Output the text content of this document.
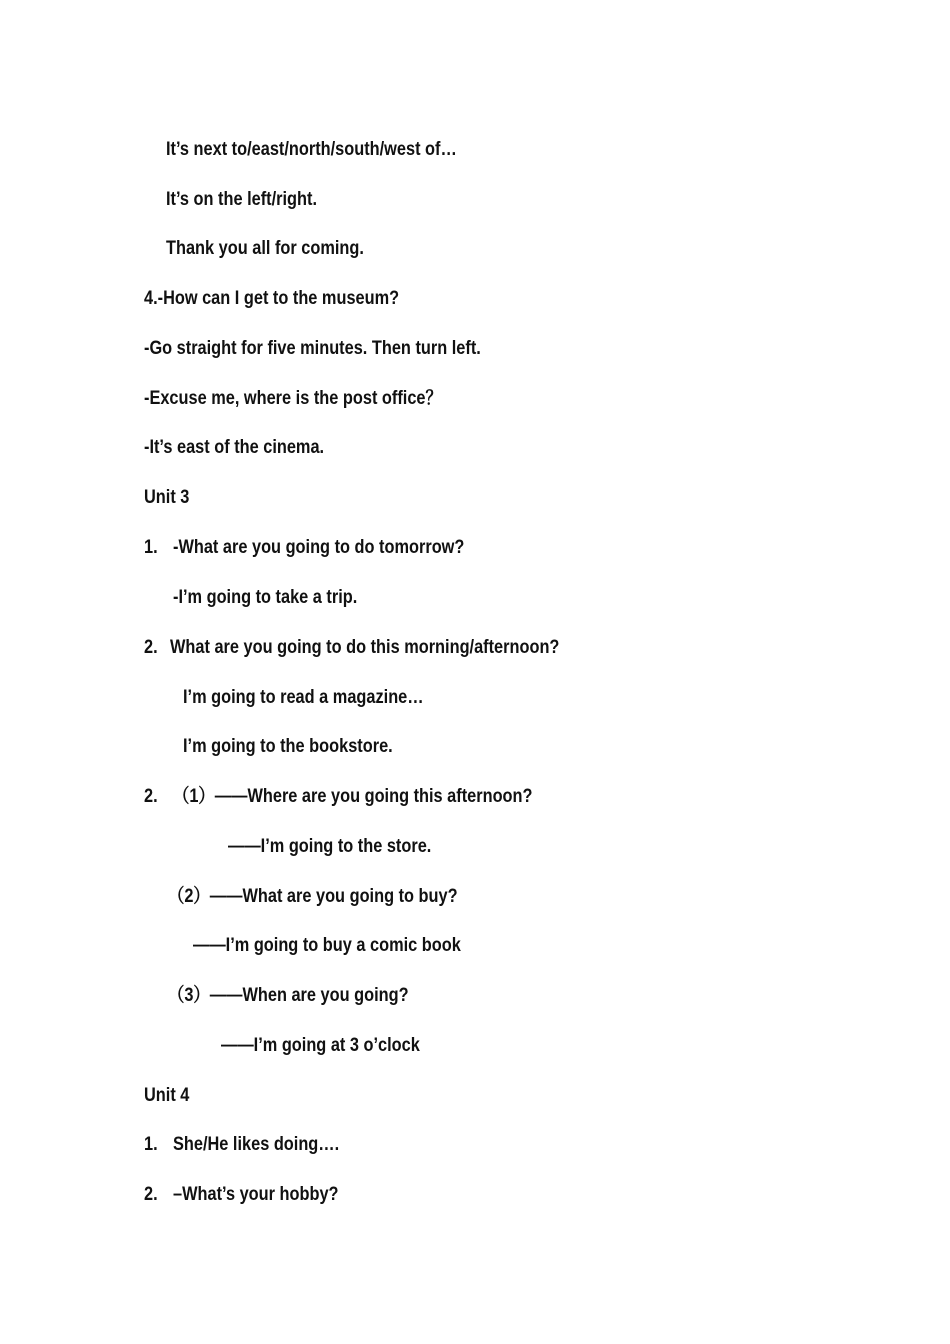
It’s next to/east/north/south/west of…
It’s on the left/right.
Thank you all for coming.
4.-How can I get to the museum?
-Go straight for five minutes. Then turn left.
-Excuse me, where is the post office？
-It’s east of the cinema.
Unit 3
1. -What are you going to do tomorrow?
-I’m going to take a trip.
2. What are you going to do this morning/afternoon?
I’m going to read a magazine…
I’m going to the bookstore.
2. （1）——Where are you going this afternoon?
——I’m going to the store.
（2）——What are you going to buy?
——I’m going to buy a comic book
（3）——When are you going?
——I’m going at 3 o’clock
Unit 4
1. She/He likes doing….
2. –What’s your hobby?
